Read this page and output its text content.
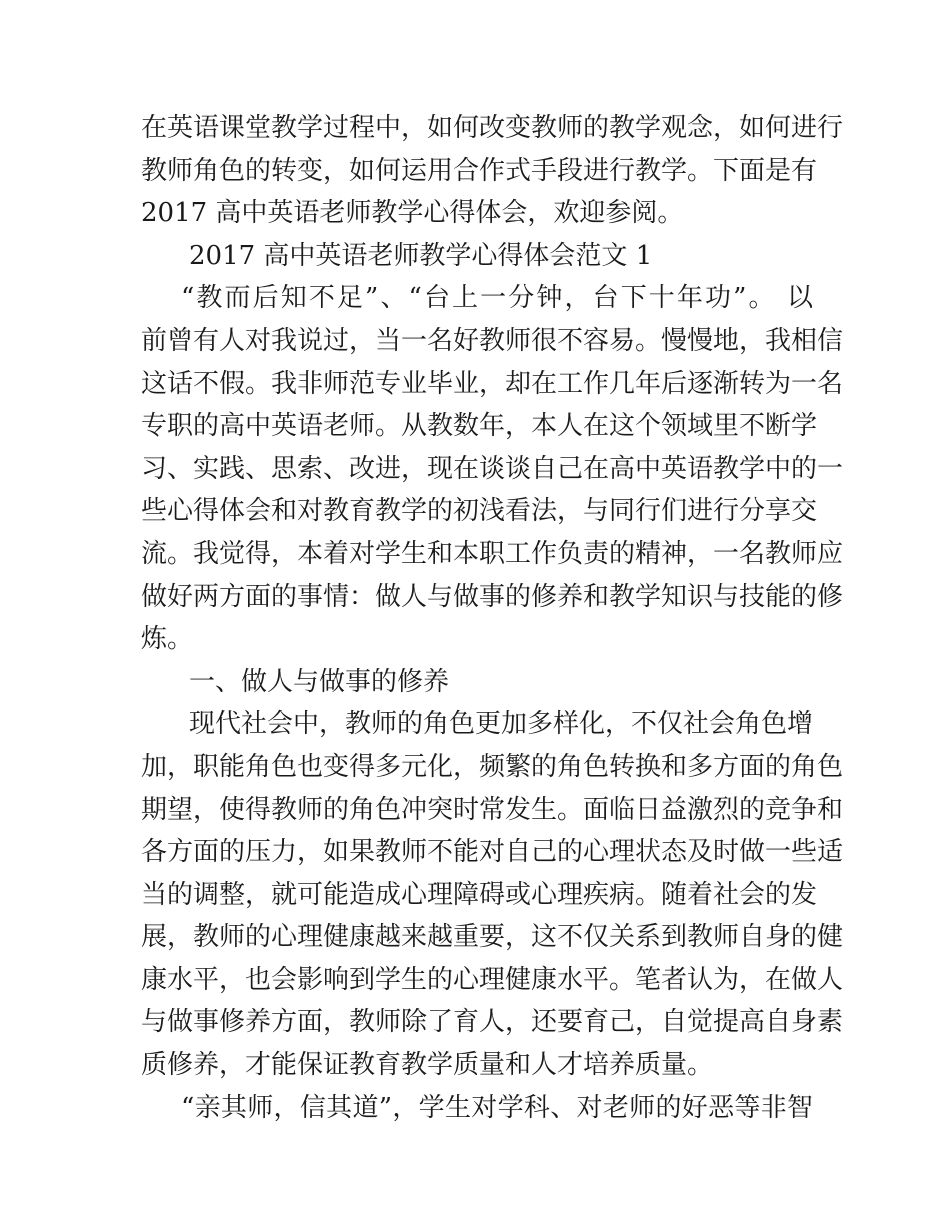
在英语课堂教学过程中，如何改变教师的教学观念，如何进行
教师角色的转变，如何运用合作式手段进行教学。下面是有
2017 高中英语老师教学心得体会，欢迎参阅。
2017 高中英语老师教学心得体会范文 1
“教而后知不足”、“台上一分钟，台下十年功”。 以
前曾有人对我说过，当一名好教师很不容易。慢慢地，我相信
这话不假。我非师范专业毕业，却在工作几年后逐渐转为一名
专职的高中英语老师。从教数年，本人在这个领域里不断学
习、实践、思索、改进，现在谈谈自己在高中英语教学中的一
些心得体会和对教育教学的初浅看法，与同行们进行分享交
流。我觉得，本着对学生和本职工作负责的精神，一名教师应
做好两方面的事情：做人与做事的修养和教学知识与技能的修
炼。
一、做人与做事的修养
现代社会中，教师的角色更加多样化，不仅社会角色增
加，职能角色也变得多元化，频繁的角色转换和多方面的角色
期望，使得教师的角色冲突时常发生。面临日益激烈的竞争和
各方面的压力，如果教师不能对自己的心理状态及时做一些适
当的调整，就可能造成心理障碍或心理疾病。随着社会的发
展，教师的心理健康越来越重要，这不仅关系到教师自身的健
康水平，也会影响到学生的心理健康水平。笔者认为，在做人
与做事修养方面，教师除了育人，还要育己，自觉提高自身素
质修养，才能保证教育教学质量和人才培养质量。
“亲其师，信其道”，学生对学科、对老师的好恶等非智
